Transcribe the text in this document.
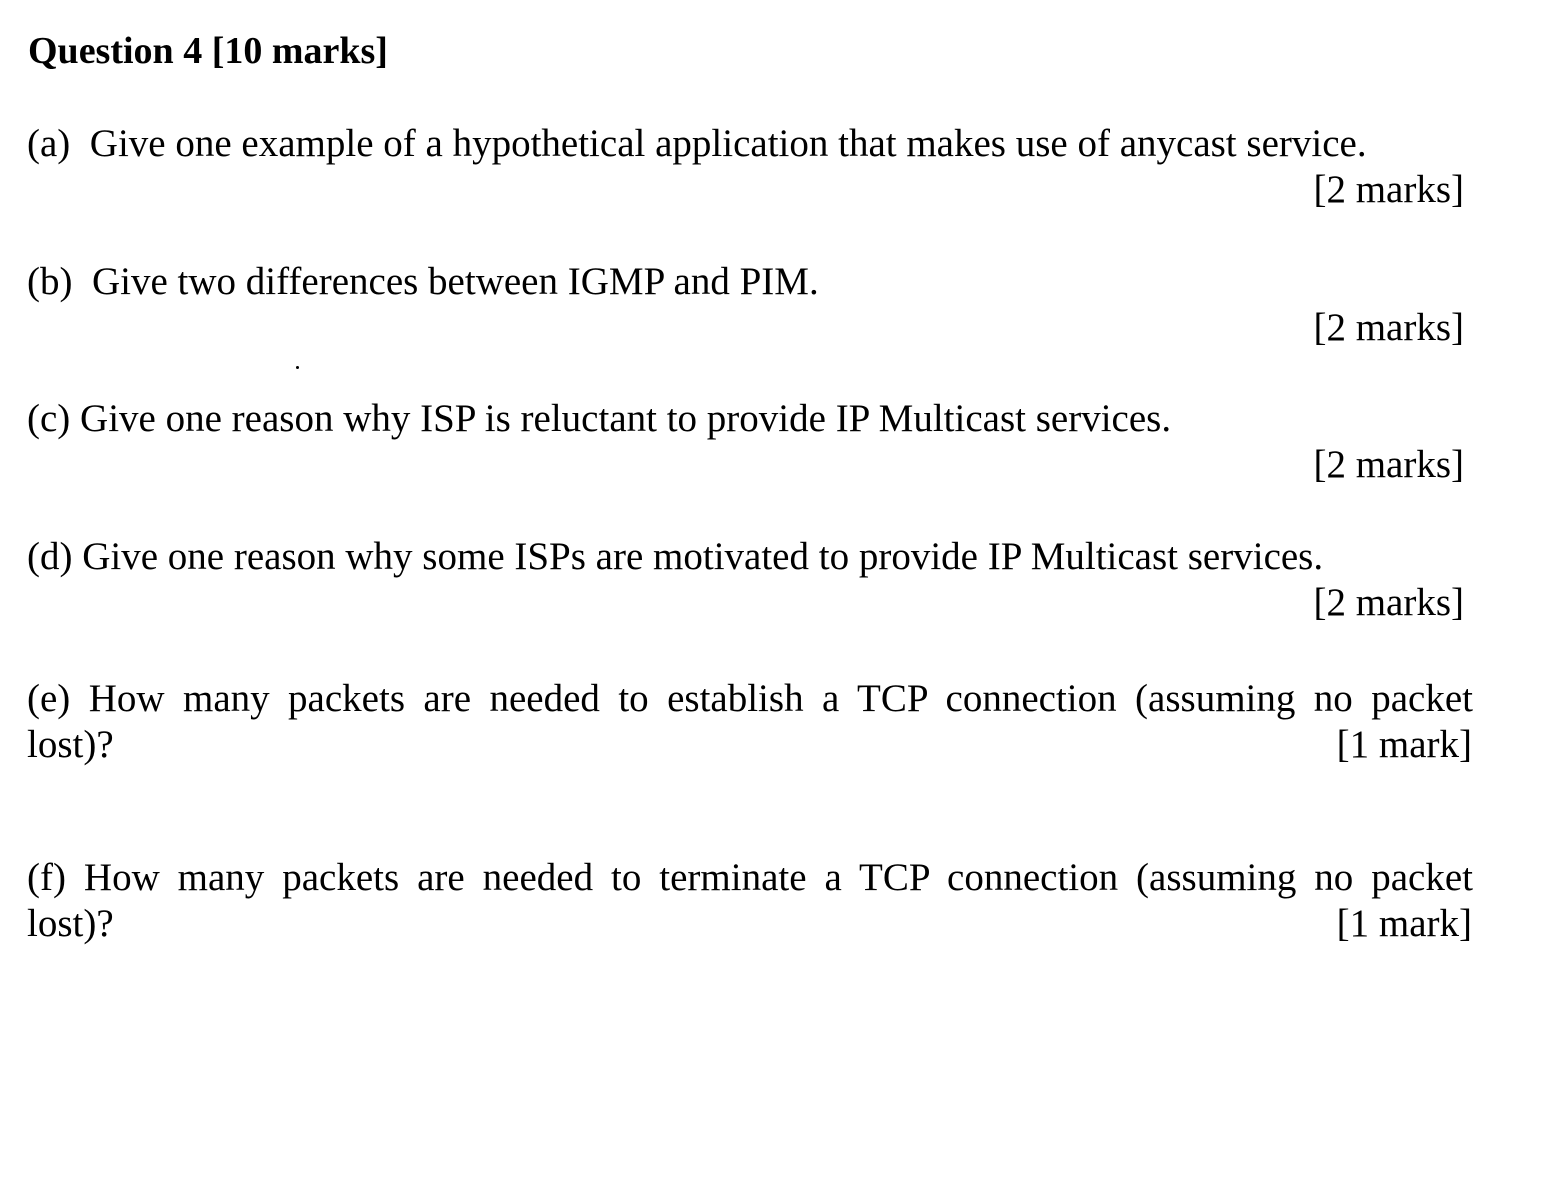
Question 4 [10 marks]
(a) Give one example of a hypothetical application that makes use of anycast service.
[2 marks]
(b) Give two differences between IGMP and PIM.
[2 marks]
(c) Give one reason why ISP is reluctant to provide IP Multicast services.
[2 marks]
(d) Give one reason why some ISPs are motivated to provide IP Multicast services.
[2 marks]
(e) How many packets are needed to establish a TCP connection (assuming no packet
lost)?	[1 mark]
(f) How many packets are needed to terminate a TCP connection (assuming no packet
lost)?	[1 mark]
